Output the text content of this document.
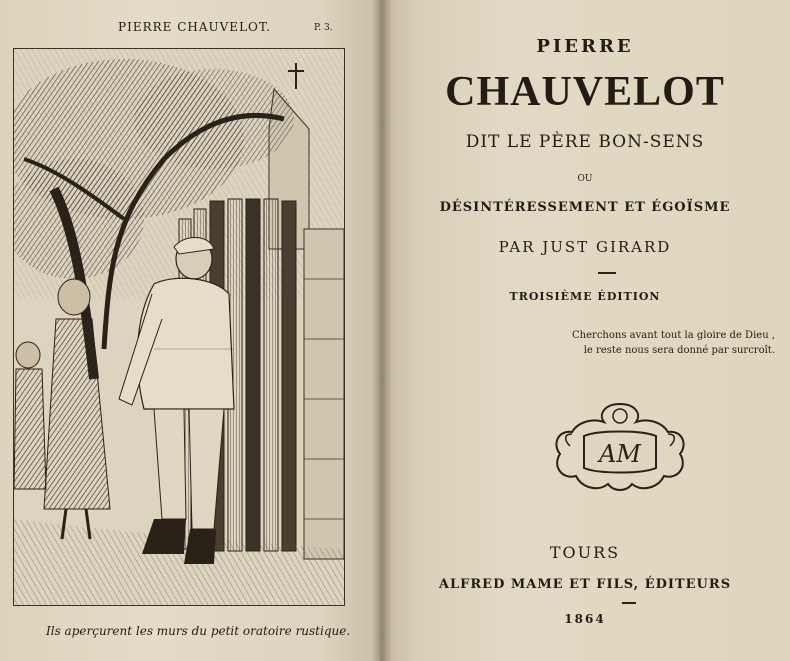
PIERRE CHAUVELOT.	P. 3.
Ils aperçurent les murs du petit oratoire rustique.
PIERRE
CHAUVELOT
DIT LE PÈRE BON-SENS
OU
DÉSINTÉRESSEMENT ET ÉGOÏSME
PAR JUST GIRARD
TROISIÈME ÉDITION
Cherchons avant tout la gloire de Dieu ,
le reste nous sera donné par surcroît.
AM
TOURS
ALFRED MAME ET FILS, ÉDITEURS
1864
